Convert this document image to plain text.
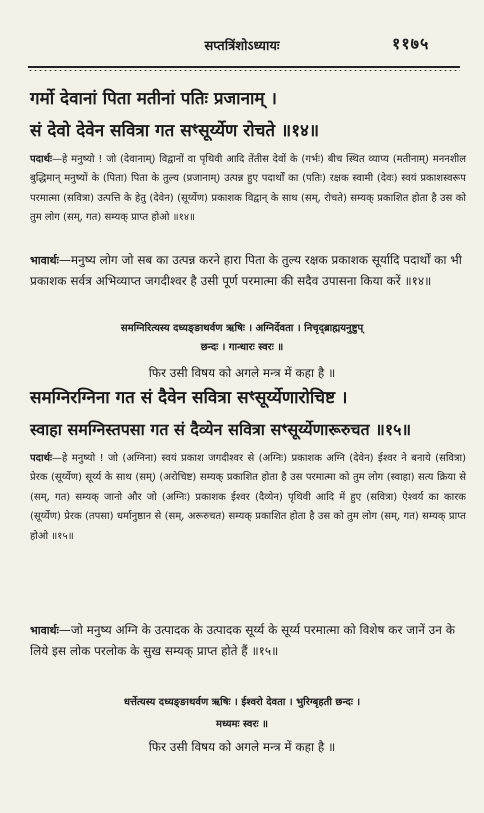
सप्तत्रिंशोऽध्यायः	११७५
गर्मो देवानां पिता मतीनां पतिः प्रजानाम् ।
सं देवो देवेन सवित्रा गत सꣳसूर्य्येण रोचते ॥१४॥
पदार्थः—हे मनुष्यो ! जो (देवानाम्) विद्वानों वा पृथिवी आदि तेंतीस देवों के (गर्भः) बीच स्थित व्याप्य (मतीनाम्) मननशील बुद्धिमान् मनुष्यों के (पिता) पिता के तुल्य (प्रजानाम्) उत्पन्न हुए पदार्थों का (पतिः) रक्षक स्वामी (देवः) स्वयं प्रकाशस्वरूप परमात्मा (सवित्रा) उत्पत्ति के हेतु (देवेन) (सूर्य्येण) प्रकाशक विद्वान् के साथ (सम्, रोचते) सम्यक् प्रकाशित होता है उस को तुम लोग (सम्, गत) सम्यक् प्राप्त होओ ॥१४॥
भावार्थः—मनुष्य लोग जो सब का उत्पन्न करने हारा पिता के तुल्य रक्षक प्रकाशक सूर्यादि पदार्थों का भी प्रकाशक सर्वत्र अभिव्याप्त जगदीश्वर है उसी पूर्ण परमात्मा की सदैव उपासना किया करें ॥१४॥
समग्निरित्यस्य दध्यङ्ङाथर्वण ऋषिः । अग्निर्देवता । निचृद्ब्राह्मयनुष्टुप्
छन्दः । गान्धारः स्वरः ॥
फिर उसी विषय को अगले मन्त्र में कहा है ॥
समग्निरग्निना गत सं दैवेन सवित्रा सꣳसूर्य्येणारोचिष्ट ।
स्वाहा समग्निस्तपसा गत सं दैव्येन सवित्रा सꣳसूर्य्येणारूरुचत ॥१५॥
पदार्थः—हे मनुष्यो ! जो (अग्निना) स्वयं प्रकाश जगदीश्वर से (अग्निः) प्रकाशक अग्नि (देवेन) ईश्वर ने बनाये (सवित्रा) प्रेरक (सूर्य्येण) सूर्य्य के साथ (सम्) (अरोचिष्ट) सम्यक् प्रकाशित होता है उस परमात्मा को तुम लोग (स्वाहा) सत्य क्रिया से (सम्, गत) सम्यक् जानो और जो (अग्निः) प्रकाशक ईश्वर (दैव्येन) पृथिवी आदि में हुए (सवित्रा) ऐश्वर्य का कारक (सूर्य्येण) प्रेरक (तपसा) धर्मानुष्ठान से (सम्, अरूरुचत) सम्यक् प्रकाशित होता है उस को तुम लोग (सम्, गत) सम्यक् प्राप्त होओ ॥१५॥
भावार्थः—जो मनुष्य अग्नि के उत्पादक के उत्पादक सूर्य्य के सूर्य्य परमात्मा को विशेष कर जानें उन के लिये इस लोक परलोक के सुख सम्यक् प्राप्त होते हैं ॥१५॥
धर्त्तेत्यस्य दध्यङ्ङाथर्वण ऋषिः । ईश्वरो देवता । भुरिग्बृहती छन्दः ।
मध्यमः स्वरः ॥
फिर उसी विषय को अगले मन्त्र में कहा है ॥
